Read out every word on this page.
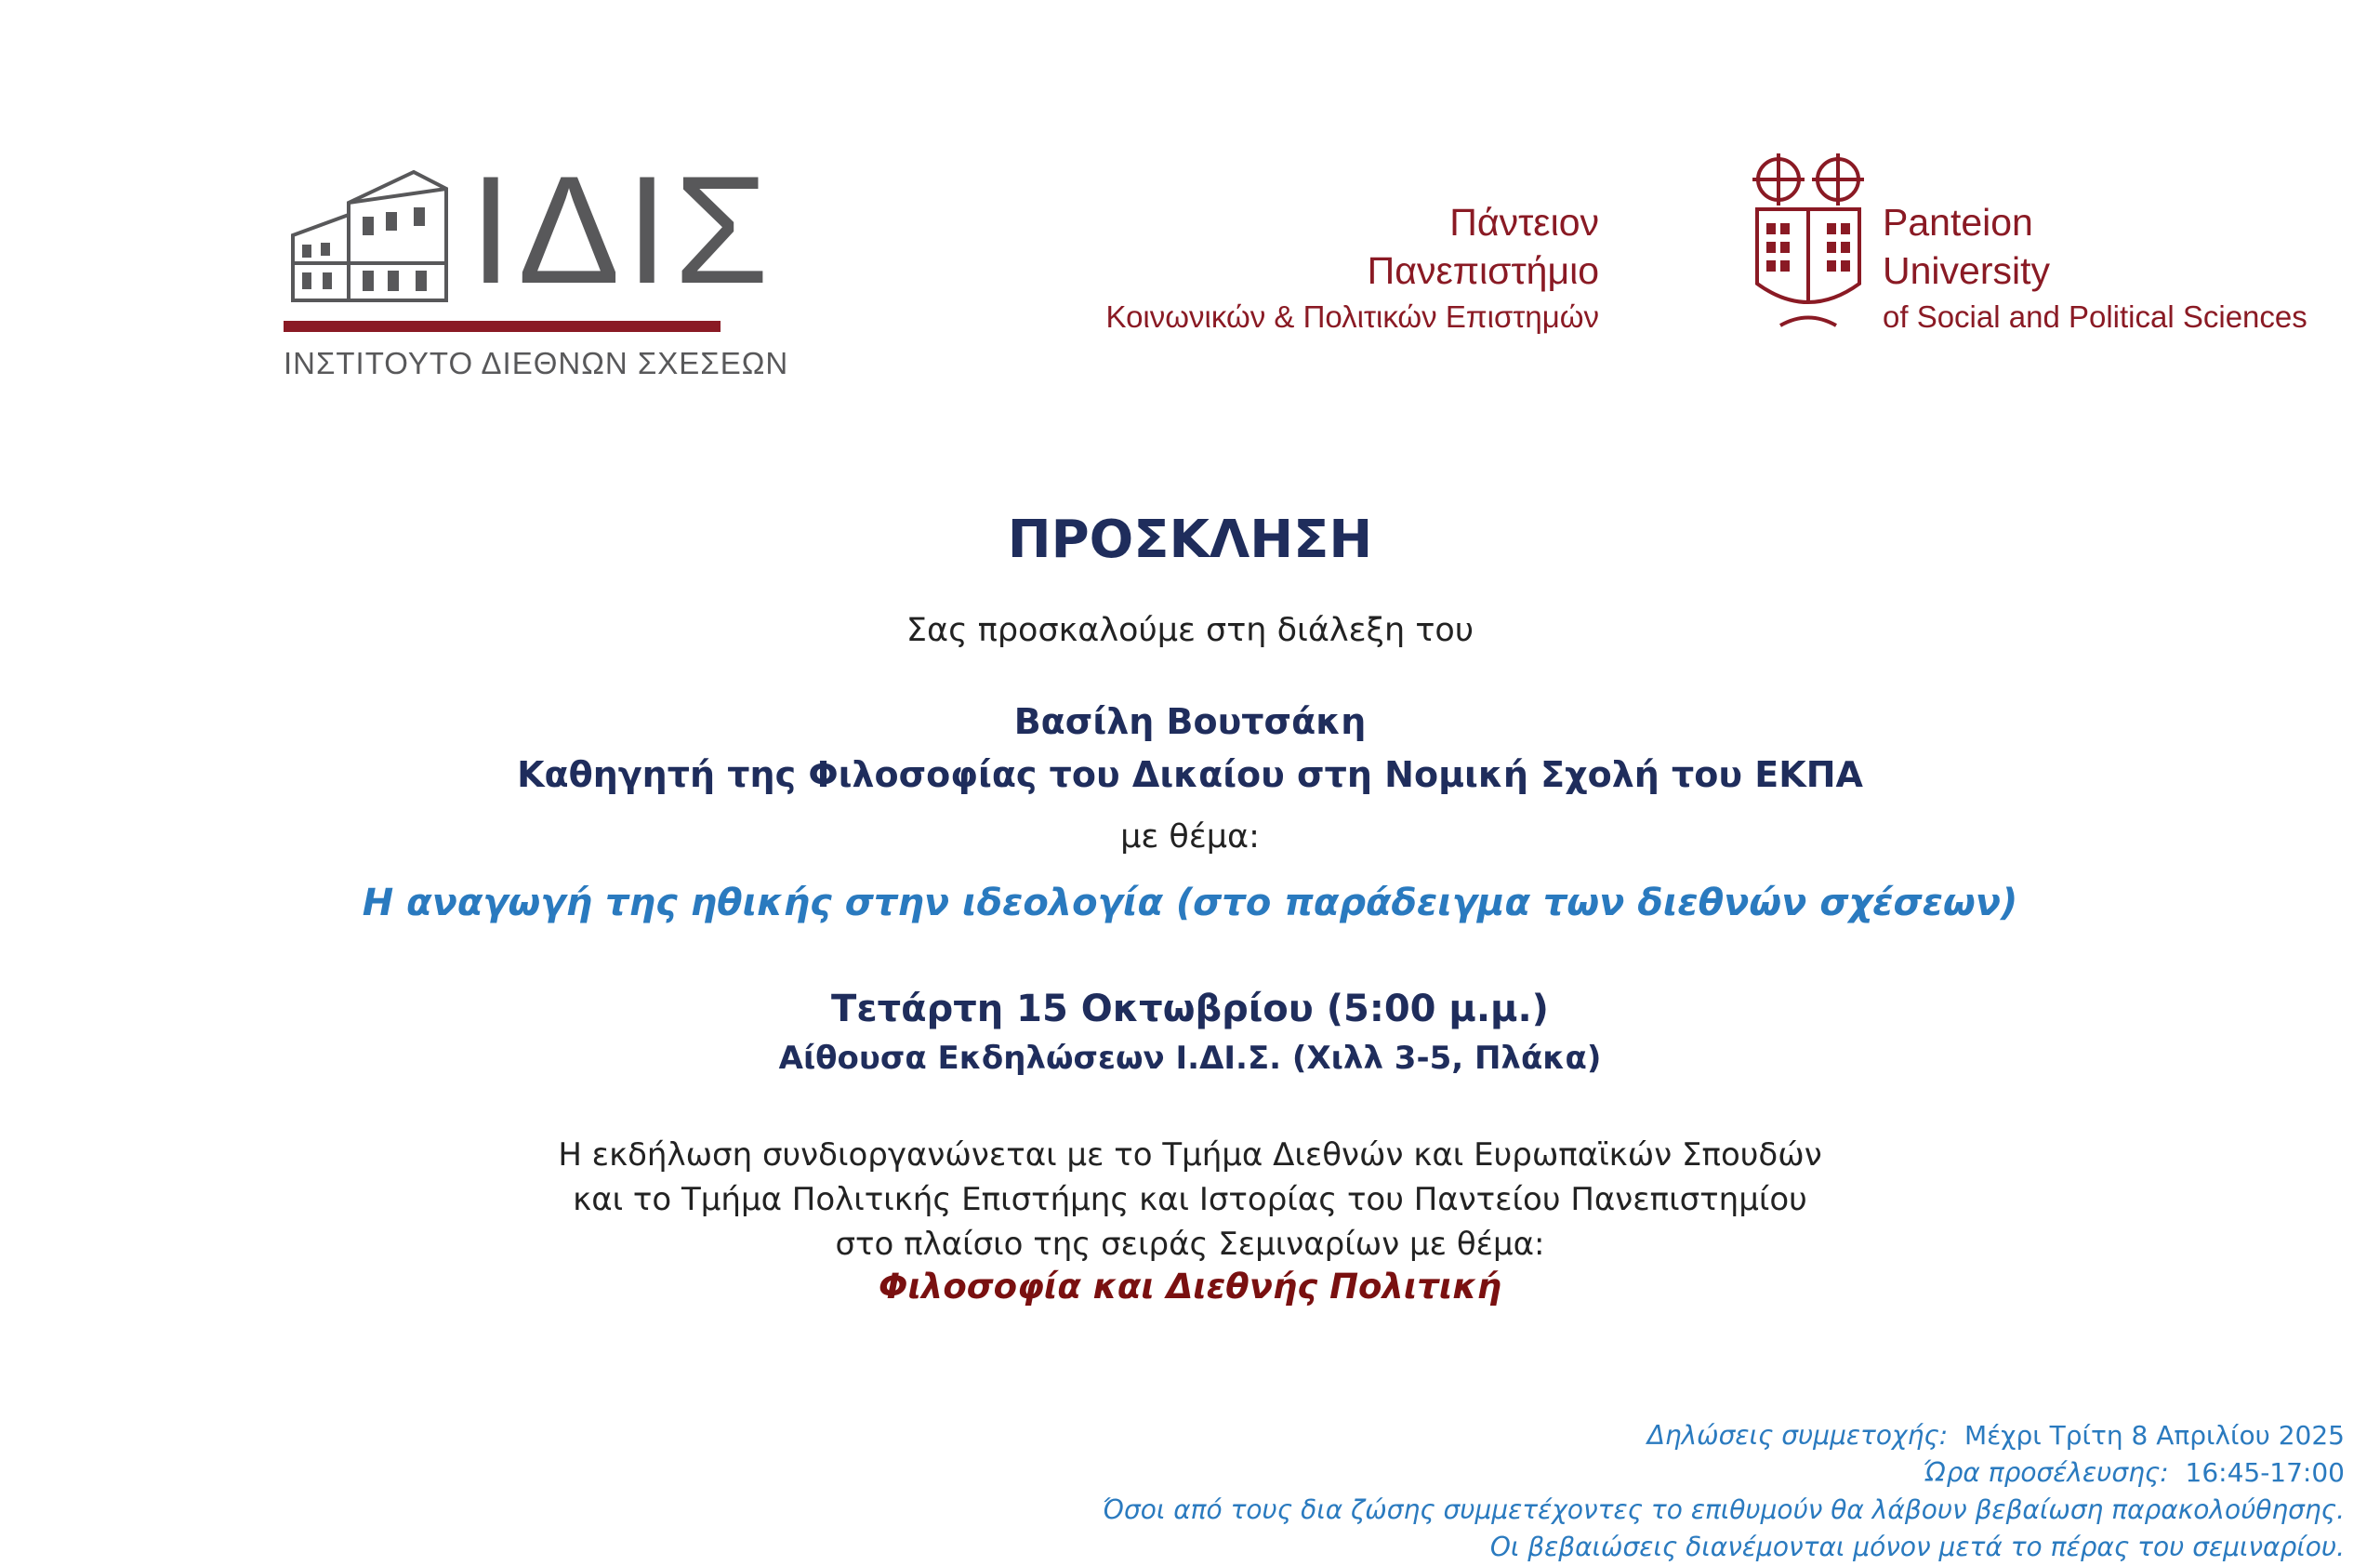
ΙΔΙΣ
ΙΝΣΤΙΤΟΥΤΟ ΔΙΕΘΝΩΝ ΣΧΕΣΕΩΝ
Πάντειον
Πανεπιστήμιο
Κοινωνικών & Πολιτικών Επιστημών
Panteion
University
of Social and Political Sciences
ΠΡΟΣΚΛΗΣΗ
Σας προσκαλούμε στη διάλεξη του
Βασίλη Βουτσάκη
Καθηγητή της Φιλοσοφίας του Δικαίου στη Νομική Σχολή του ΕΚΠΑ
με θέμα:
Η αναγωγή της ηθικής στην ιδεολογία (στο παράδειγμα των διεθνών σχέσεων)
Τετάρτη 15 Οκτωβρίου (5:00 μ.μ.)
Αίθουσα Εκδηλώσεων Ι.ΔΙ.Σ. (Χιλλ 3-5, Πλάκα)
Η εκδήλωση συνδιοργανώνεται με το Τμήμα Διεθνών και Ευρωπαϊκών Σπουδών
και το Τμήμα Πολιτικής Επιστήμης και Ιστορίας του Παντείου Πανεπιστημίου
στο πλαίσιο της σειράς Σεμιναρίων με θέμα:
Φιλοσοφία και Διεθνής Πολιτική
Δηλώσεις συμμετοχής: Μέχρι Τρίτη 8 Απριλίου 2025
Ώρα προσέλευσης: 16:45-17:00
Όσοι από τους δια ζώσης συμμετέχοντες το επιθυμούν θα λάβουν βεβαίωση παρακολούθησης.
Οι βεβαιώσεις διανέμονται μόνον μετά το πέρας του σεμιναρίου.
